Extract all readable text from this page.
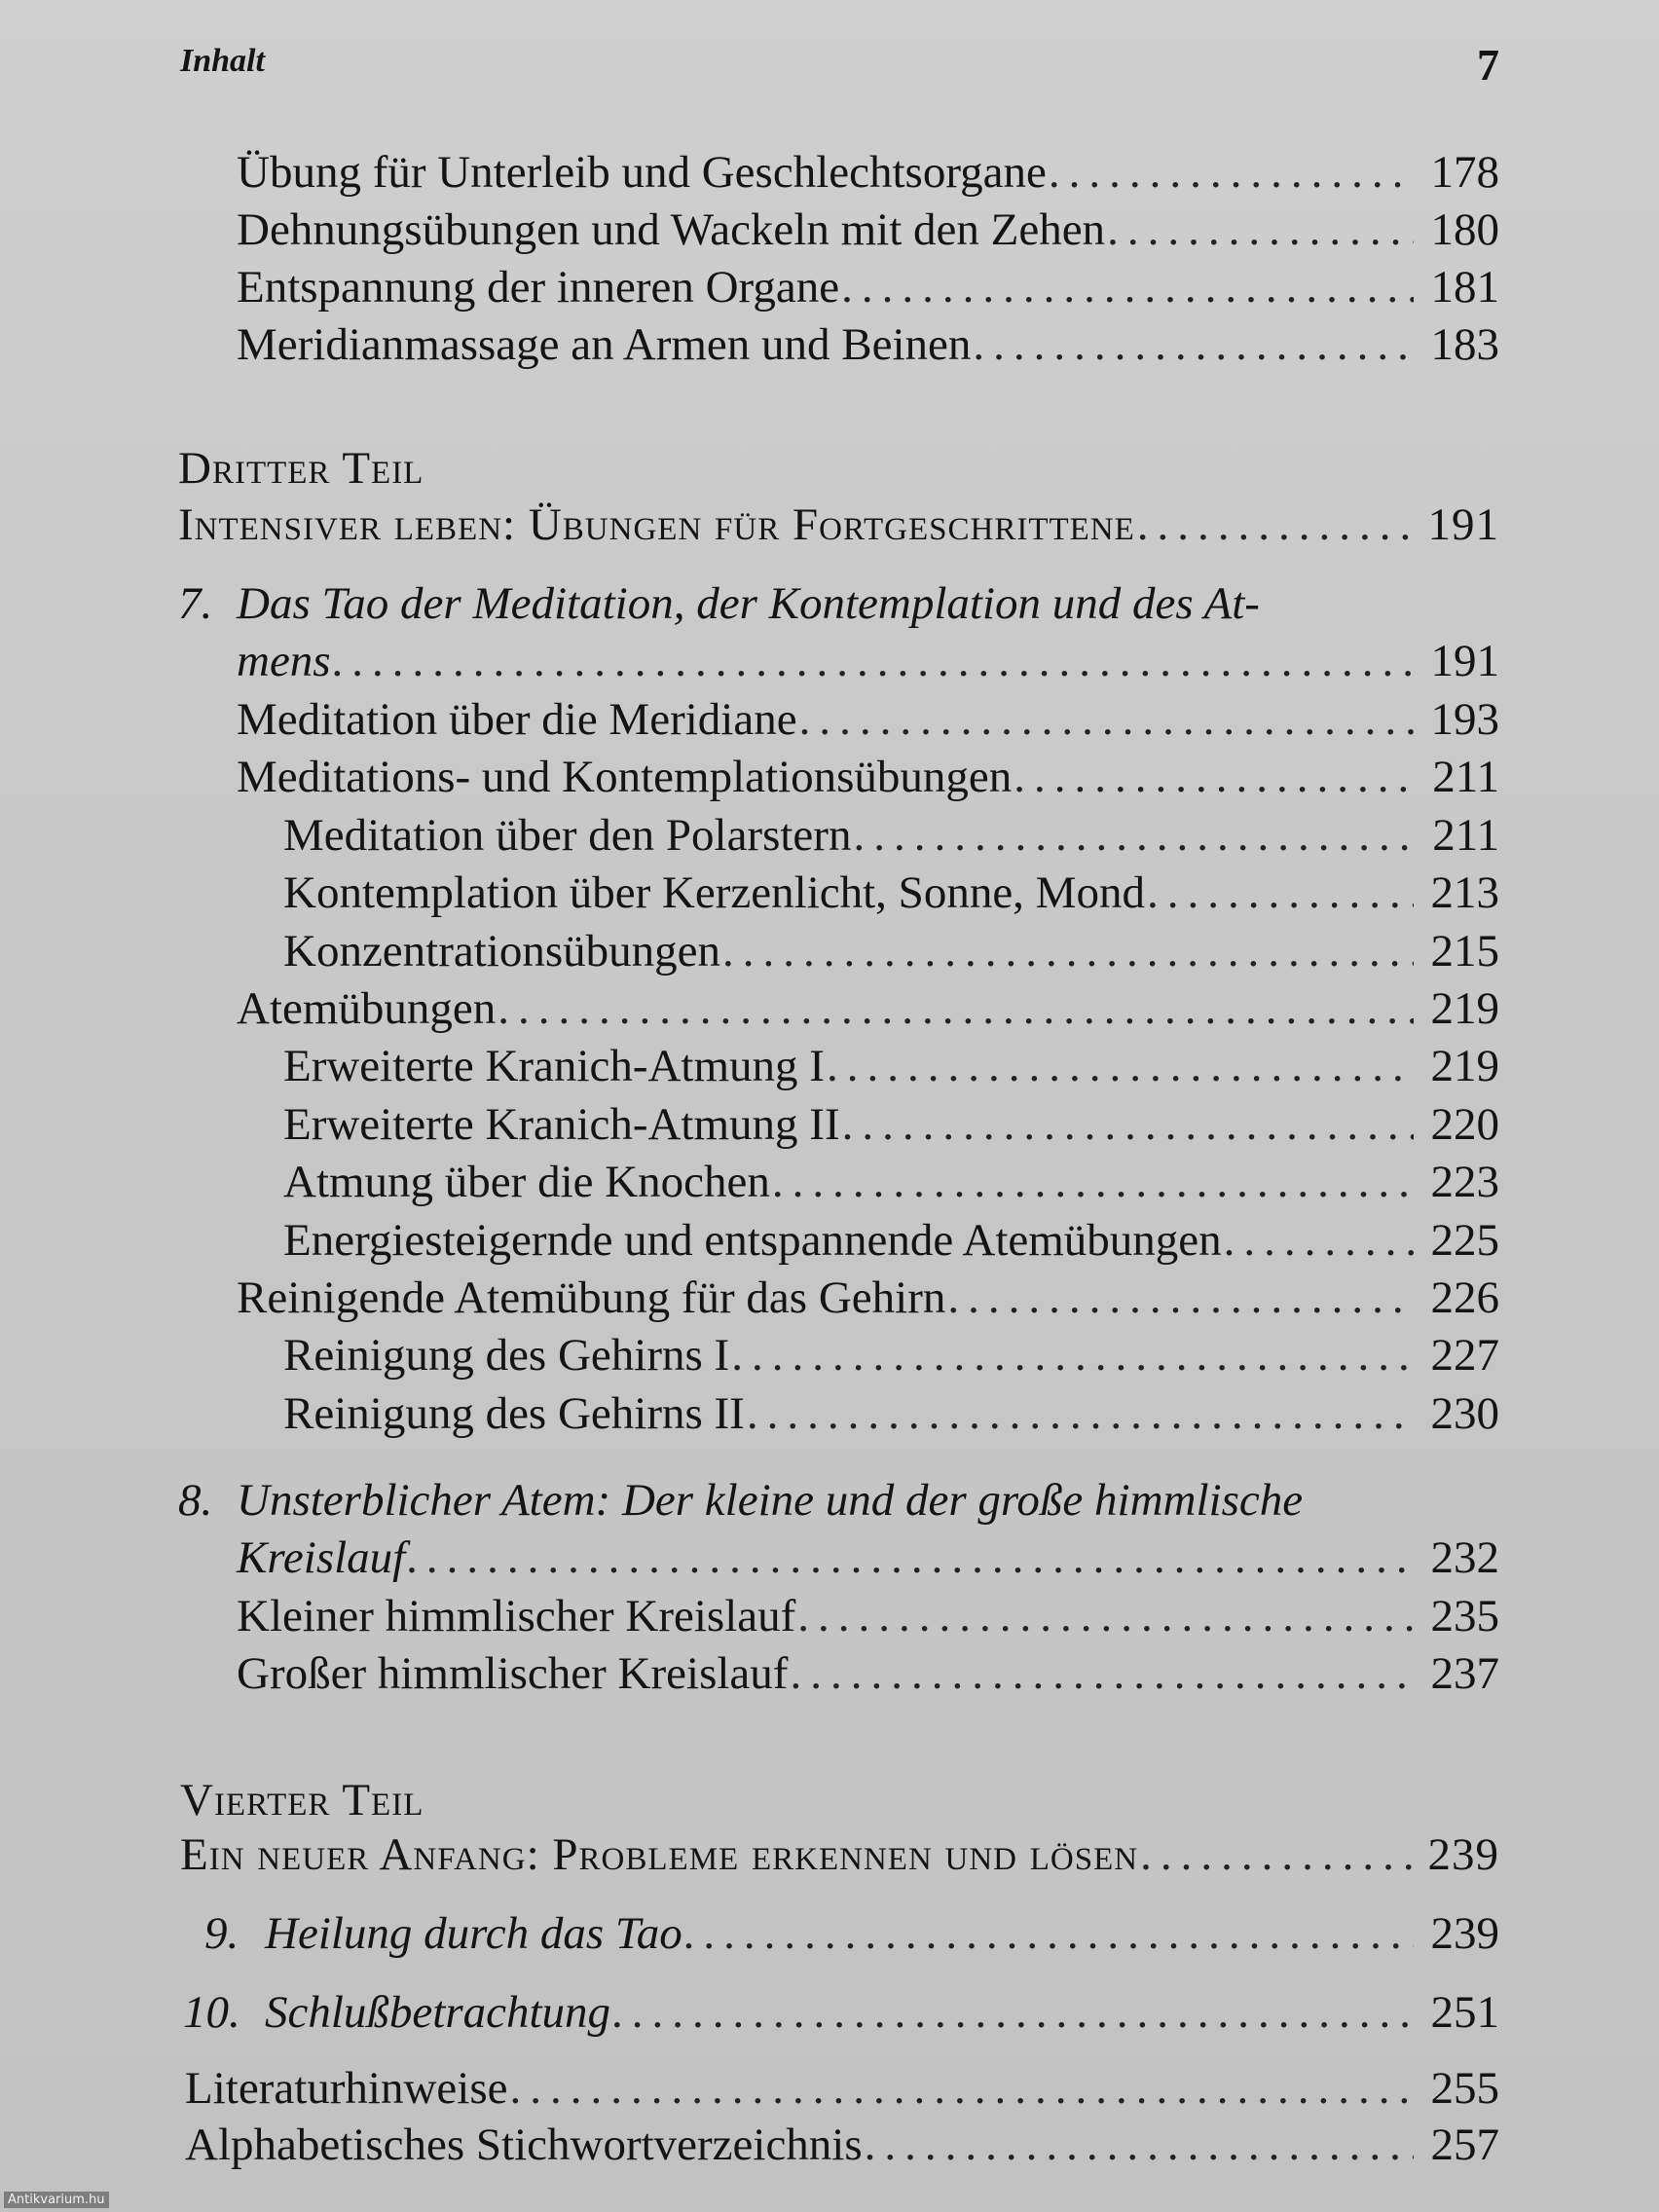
Inhalt	7
Übung für Unterleib und Geschlechtsorgane .....	178
Dehnungsübungen und Wackeln mit den Zehen .....	180
Entspannung der inneren Organe .....	181
Meridianmassage an Armen und Beinen .....	183
Dritter Teil
Intensiver leben: Übungen für Fortgeschrittene .....	191
7. Das Tao der Meditation, der Kontemplation und des At-
mens .....	191
Meditation über die Meridiane .....	193
Meditations- und Kontemplationsübungen .....	211
Meditation über den Polarstern .....	211
Kontemplation über Kerzenlicht, Sonne, Mond .....	213
Konzentrationsübungen .....	215
Atemübungen .....	219
Erweiterte Kranich-Atmung I .....	219
Erweiterte Kranich-Atmung II .....	220
Atmung über die Knochen .....	223
Energiesteigernde und entspannende Atemübungen .....	225
Reinigende Atemübung für das Gehirn .....	226
Reinigung des Gehirns I .....	227
Reinigung des Gehirns II .....	230
8. Unsterblicher Atem: Der kleine und der große himmlische
Kreislauf .....	232
Kleiner himmlischer Kreislauf .....	235
Großer himmlischer Kreislauf .....	237
Vierter Teil
Ein neuer Anfang: Probleme erkennen und lösen .....	239
9. Heilung durch das Tao .....	239
10. Schlußbetrachtung .....	251
Literaturhinweise .....	255
Alphabetisches Stichwortverzeichnis .....	257
Antikvarium.hu
